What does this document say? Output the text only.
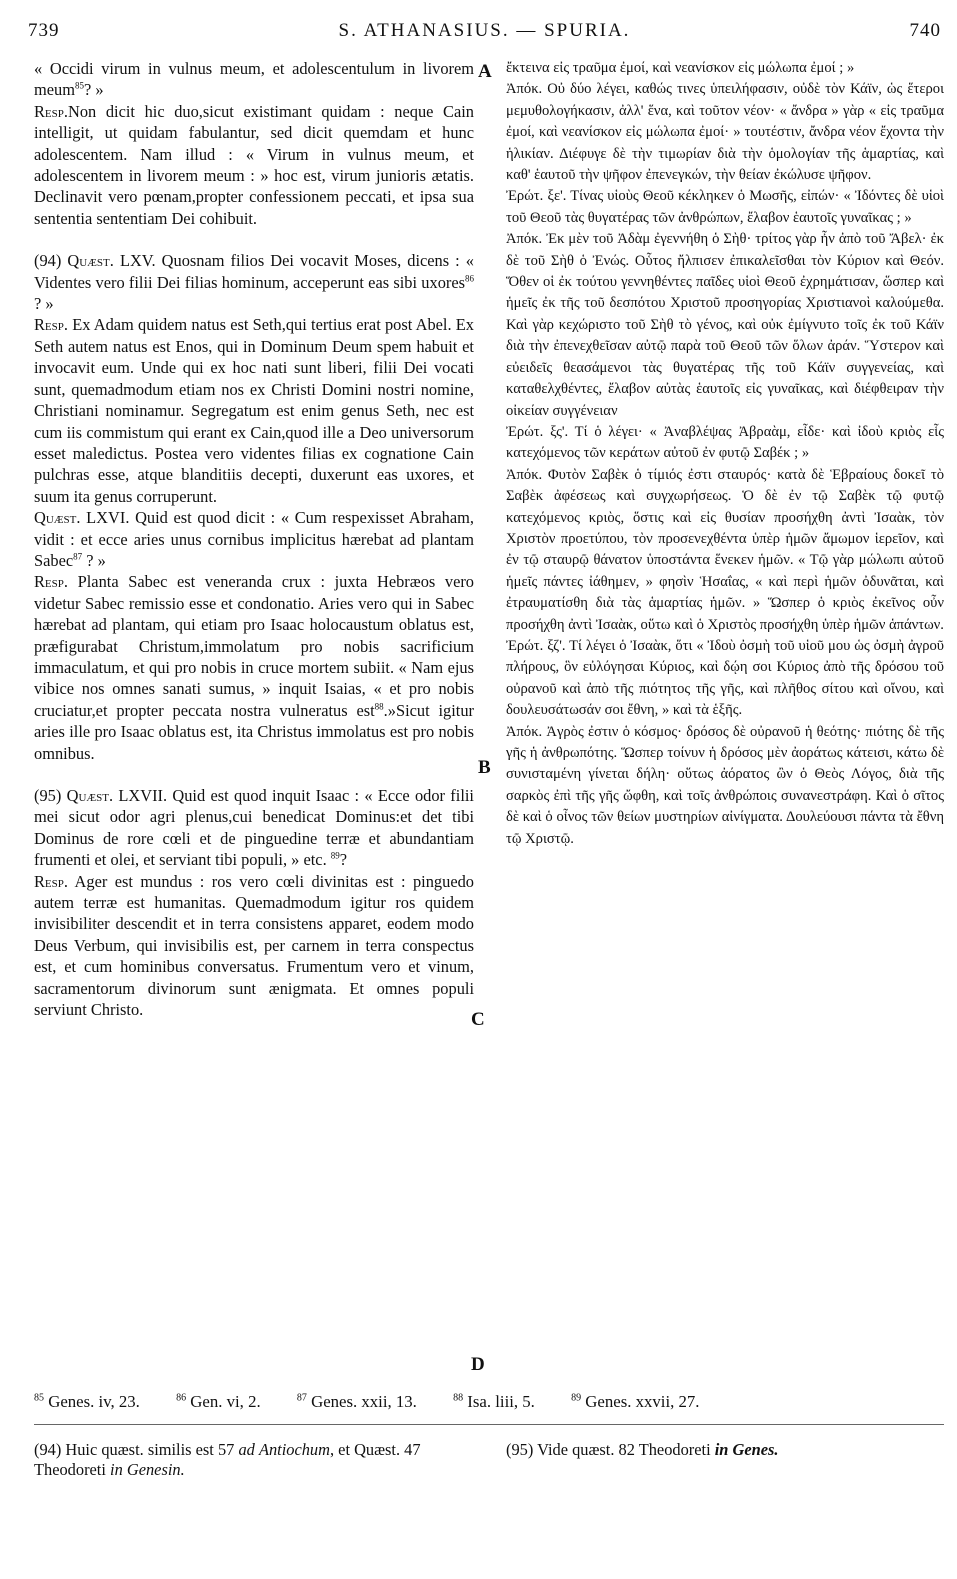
739	S. ATHANASIUS. — SPURIA.	740
A
B
C
D

« Occidi virum in vulnus meum, et adolescentulum in livorem meum$^{85}$? »

Resp.Non dicit hic duo,sicut existimant quidam : neque Cain intelligit, ut quidam fabulantur, sed dicit quemdam et hunc adolescentem. Nam illud : « Virum in vulnus meum, et adolescentem in livorem meum : » hoc est, virum junioris ætatis. Declinavit vero pœnam,propter confessionem peccati, et ipsa sua sententia sententiam Dei cohibuit.

(94) Quæst. LXV. Quosnam filios Dei vocavit Moses, dicens : « Videntes vero filii Dei filias hominum, acceperunt eas sibi uxores$^{86}$ ? »

Resp. Ex Adam quidem natus est Seth,qui tertius erat post Abel. Ex Seth autem natus est Enos, qui in Dominum Deum spem habuit et invocavit eum. Unde qui ex hoc nati sunt liberi, filii Dei vocati sunt, quemadmodum etiam nos ex Christi Domini nostri nomine, Christiani nominamur. Segregatum est enim genus Seth, nec est cum iis commistum qui erant ex Cain,quod ille a Deo universorum esset maledictus. Postea vero videntes filias ex cognatione Cain pulchras esse, atque blanditiis decepti, duxerunt eas uxores, et suum ita genus corruperunt.

Quæst. LXVI. Quid est quod dicit : « Cum respexisset Abraham, vidit : et ecce aries unus cornibus implicitus hærebat ad plantam Sabec$^{87}$ ? »

Resp. Planta Sabec est veneranda crux : juxta Hebræos vero videtur Sabec remissio esse et condonatio. Aries vero qui in Sabec hærebat ad plantam, qui etiam pro Isaac holocaustum oblatus est, præfigurabat Christum,immolatum pro nobis sacrificium immaculatum, et qui pro nobis in cruce mortem subiit. « Nam ejus vibice nos omnes sanati sumus, » inquit Isaias, « et pro nobis cruciatur,et propter peccata nostra vulneratus est$^{88}$.»Sicut igitur aries ille pro Isaac oblatus est, ita Christus immolatus est pro nobis omnibus.

(95) Quæst. LXVII. Quid est quod inquit Isaac : « Ecce odor filii mei sicut odor agri plenus,cui benedicat Dominus:et det tibi Dominus de rore cœli et de pinguedine terræ et abundantiam frumenti et olei, et serviant tibi populi, » etc. $^{89}$?

Resp. Ager est mundus : ros vero cœli divinitas est : pinguedo autem terræ est humanitas. Quemadmodum igitur ros quidem invisibiliter descendit et in terra consistens apparet, eodem modo Deus Verbum, qui invisibilis est, per carnem in terra conspectus est, et cum hominibus conversatus. Frumentum vero et vinum, sacramentorum divinorum sunt ænigmata. Et omnes populi serviunt Christo.

ἔκτεινα εἰς τραῦμα ἐμοί, καὶ νεανίσκον εἰς μώλωπα ἐμοί ; »

Ἀπόκ. Οὐ δύο λέγει, καθώς τινες ὑπειλήφασιν, οὐδὲ τὸν Κάϊν, ὡς ἕτεροι μεμυθολογήκασιν, ἀλλ' ἕνα, καὶ τοῦτον νέον· « ἄνδρα » γὰρ « εἰς τραῦμα ἐμοί, καὶ νεανίσκον εἰς μώλωπα ἐμοί· » τουτέστιν, ἄνδρα νέον ἔχοντα τὴν ἡλικίαν. Διέφυγε δὲ τὴν τιμωρίαν διὰ τὴν ὁμολογίαν τῆς ἁμαρτίας, καὶ καθ' ἑαυτοῦ τὴν ψῆφον ἐπενεγκών, τὴν θείαν ἐκώλυσε ψῆφον.

Ἐρώτ. ξε'. Τίνας υἱοὺς Θεοῦ κέκληκεν ὁ Μωσῆς, εἰπών· « Ἰδόντες δὲ υἱοὶ τοῦ Θεοῦ τὰς θυγατέρας τῶν ἀνθρώπων, ἔλαβον ἑαυτοῖς γυναῖκας ; »

Ἀπόκ. Ἐκ μὲν τοῦ Ἀδὰμ ἐγεννήθη ὁ Σὴθ· τρίτος γὰρ ἦν ἀπὸ τοῦ Ἄβελ· ἐκ δὲ τοῦ Σὴθ ὁ Ἐνώς. Οὗτος ἤλπισεν ἐπικαλεῖσθαι τὸν Κύριον καὶ Θεόν. Ὅθεν οἱ ἐκ τούτου γεννηθέντες παῖδες υἱοὶ Θεοῦ ἐχρημάτισαν, ὥσπερ καὶ ἡμεῖς ἐκ τῆς τοῦ δεσπότου Χριστοῦ προσηγορίας Χριστιανοὶ καλούμεθα. Καὶ γὰρ κεχώριστο τοῦ Σὴθ τὸ γένος, καὶ οὐκ ἐμίγνυτο τοῖς ἐκ τοῦ Κάϊν διὰ τὴν ἐπενεχθεῖσαν αὐτῷ παρὰ τοῦ Θεοῦ τῶν ὅλων ἀράν. Ὕστερον καὶ εὐειδεῖς θεασάμενοι τὰς θυγατέρας τῆς τοῦ Κάϊν συγγενείας, καὶ καταθελχθέντες, ἔλαβον αὐτὰς ἑαυτοῖς εἰς γυναῖκας, καὶ διέφθειραν τὴν οἰκείαν συγγένειαν

Ἐρώτ. ξς'. Τί ὁ λέγει· « Ἀναβλέψας Ἀβραὰμ, εἶδε· καὶ ἰδοὺ κριὸς εἷς κατεχόμενος τῶν κεράτων αὐτοῦ ἐν φυτῷ Σαβέκ ; »

Ἀπόκ. Φυτὸν Σαβὲκ ὁ τίμιός ἐστι σταυρός· κατὰ δὲ Ἑβραίους δοκεῖ τὸ Σαβὲκ ἀφέσεως καὶ συγχωρήσεως. Ὁ δὲ ἐν τῷ Σαβὲκ τῷ φυτῷ κατεχόμενος κριὸς, ὅστις καὶ εἰς θυσίαν προσήχθη ἀντὶ Ἰσαὰκ, τὸν Χριστὸν προετύπου, τὸν προσενεχθέντα ὑπὲρ ἡμῶν ἄμωμον ἱερεῖον, καὶ ἐν τῷ σταυρῷ θάνατον ὑποστάντα ἕνεκεν ἡμῶν. « Τῷ γὰρ μώλωπι αὐτοῦ ἡμεῖς πάντες ἰάθημεν, » φησὶν Ἡσαΐας, « καὶ περὶ ἡμῶν ὀδυνᾶται, καὶ ἐτραυματίσθη διὰ τὰς ἁμαρτίας ἡμῶν. » Ὥσπερ ὁ κριὸς ἐκεῖνος οὖν προσήχθη ἀντὶ Ἰσαὰκ, οὕτω καὶ ὁ Χριστὸς προσήχθη ὑπὲρ ἡμῶν ἁπάντων.

Ἐρώτ. ξζ'. Τί λέγει ὁ Ἰσαὰκ, ὅτι « Ἰδοὺ ὀσμὴ τοῦ υἱοῦ μου ὡς ὀσμὴ ἀγροῦ πλήρους, ὃν εὐλόγησαι Κύριος, καὶ δῴη σοι Κύριος ἀπὸ τῆς δρόσου τοῦ οὐρανοῦ καὶ ἀπὸ τῆς πιότητος τῆς γῆς, καὶ πλῆθος σίτου καὶ οἴνου, καὶ δουλευσάτωσάν σοι ἔθνη, » καὶ τὰ ἑξῆς.

Ἀπόκ. Ἀγρὸς ἐστιν ὁ κόσμος· δρόσος δὲ οὐρανοῦ ἡ θεότης· πιότης δὲ τῆς γῆς ἡ ἀνθρωπότης. Ὥσπερ τοίνυν ἡ δρόσος μὲν ἀοράτως κάτεισι, κάτω δὲ συνισταμένη γίνεται δήλη· οὕτως ἀόρατος ὢν ὁ Θεὸς Λόγος, διὰ τῆς σαρκὸς ἐπὶ τῆς γῆς ὤφθη, καὶ τοῖς ἀνθρώποις συνανεστράφη. Καὶ ὁ σῖτος δὲ καὶ ὁ οἶνος τῶν θείων μυστηρίων αἰνίγματα. Δουλεύουσι πάντα τὰ ἔθνη τῷ Χριστῷ.

$^{85}$ Genes. iv, 23.	$^{86}$ Gen. vi, 2.	$^{87}$ Genes. xxii, 13.	$^{88}$ Isa. liii, 5.	$^{89}$ Genes. xxvii, 27.

(94) Huic quæst. similis est 57 ad Antiochum, et Quæst. 47 Theodoreti in Genesin.

(95) Vide quæst. 82 Theodoreti in Genes.
